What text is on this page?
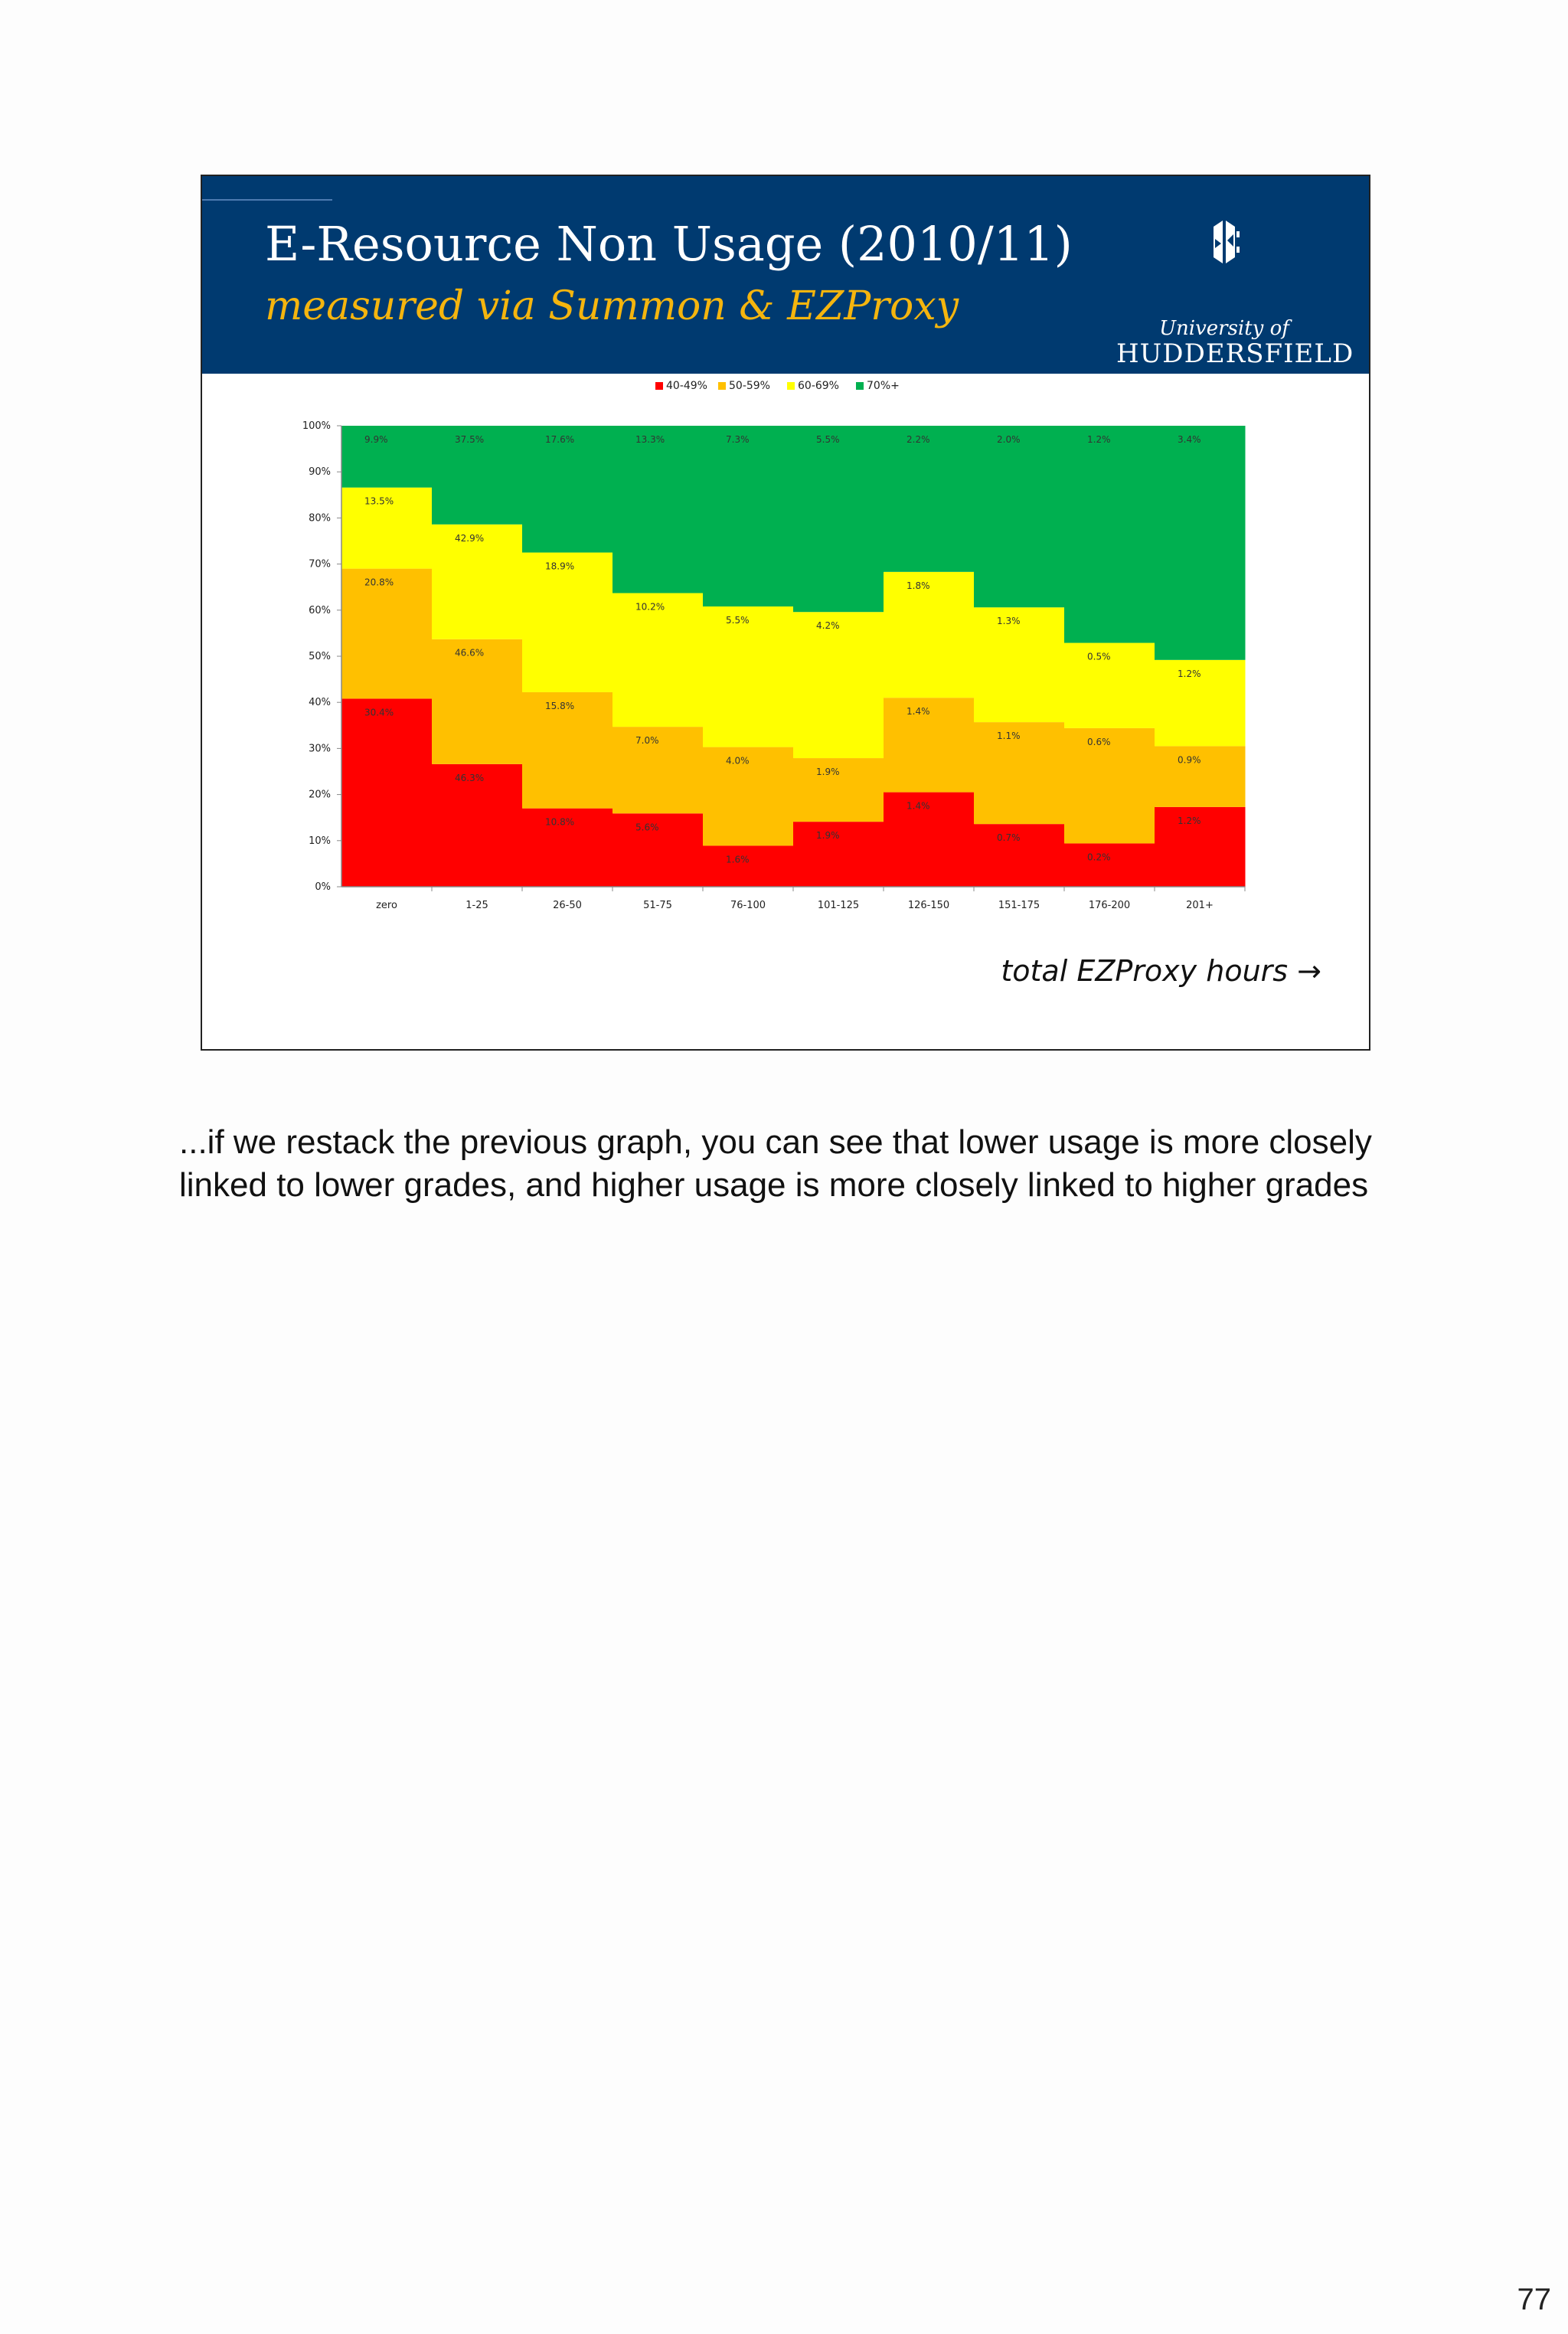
E-Resource Non Usage (2010/11)
measured via Summon & EZProxy	University of
HUDDERSFIELD
40-49% 50-59%	60-69%	70%+
30.4%
20.8%
13.5%
9.9%
46.3%
46.6%
42.9%
37.5%
10.8%
15.8%
18.9%
17.6%
5.6%
7.0%
10.2%
13.3%
1.6%
4.0%
5.5%
7.3%
1.9%
1.9%
4.2%
5.5%
1.4%
1.4%
1.8%
2.2%
0.7%
1.1%
1.3%
2.0%
0.2%
0.6%
0.5%
1.2%
1.2%
0.9%
1.2%
3.4%
0%
10%
20%
30%
40%
50%
60%
70%
80%
90%
100%
zero	1-25	26-50	51-75	76-100	101-125	126-150	151-175	176-200	201+
total EZProxy hours →

...if we restack the previous graph, you can see that lower usage is more closely linked to lower grades, and higher usage is more closely linked to higher grades

77
